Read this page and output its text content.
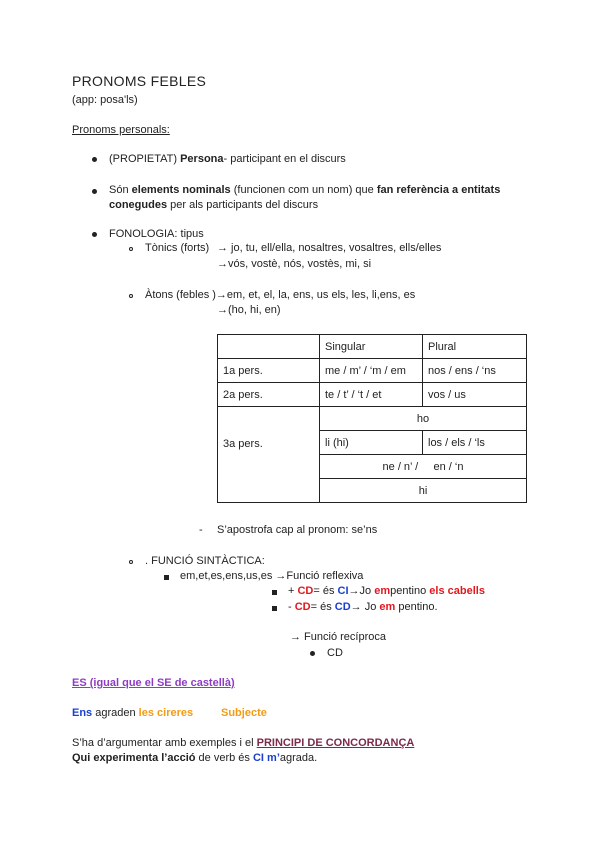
PRONOMS FEBLES
(app: posa'ls)
Pronoms personals:
(PROPIETAT) Persona- participant en el discurs
Són elements nominals (funcionen com un nom) que fan referència a entitats
conegudes per als participants del discurs
FONOLOGIA: tipus
Tònics (forts) → jo, tu, ell/ella, nosaltres, vosaltres, ells/elles
→vós, vostè, nós, vostès, mi, si
Àtons (febles )→em, et, el, la, ens, us els, les, li,ens, es
→(ho, hi, en)
	Singular	Plural
1a pers.	me / m’ / ‘m / em	nos / ens / ‘ns
2a pers.	te / t’ / ‘t / et	vos / us
3a pers.	ho	
	li (hi)	los / els / ‘ls
	ne / n’ /     en / ‘n	
	hi	
- S’apostrofa cap al pronom: se’ns
. FUNCIÓ SINTÀCTICA:
em,et,es,ens,us,es →Funció reflexiva
+ CD= és CI→Jo empentino els cabells
- CD= és CD→ Jo em pentino.
→ Funció recíproca
CD
ES (igual que el SE de castellà)
Ens agraden les cireres	Subjecte
S’ha d’argumentar amb exemples i el PRINCIPI DE CONCORDANÇA
Qui experimenta l’acció de verb és CI m’agrada.
